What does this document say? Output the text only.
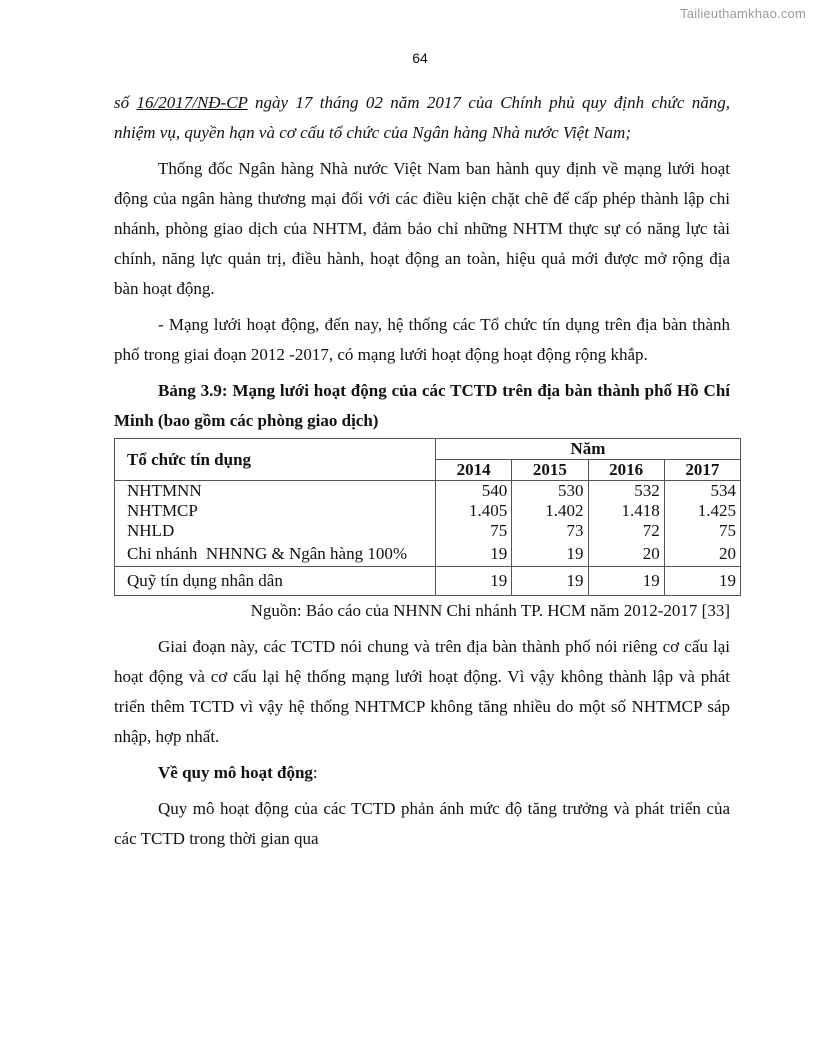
Tailieuthamkhao.com
64

số 16/2017/NĐ-CP ngày 17 tháng 02 năm 2017 của Chính phủ quy định chức năng, nhiệm vụ, quyền hạn và cơ cấu tổ chức của Ngân hàng Nhà nước Việt Nam;

Thống đốc Ngân hàng Nhà nước Việt Nam ban hành quy định về mạng lưới hoạt động của ngân hàng thương mại đối với các điều kiện chặt chẽ để cấp phép thành lập chi nhánh, phòng giao dịch của NHTM, đảm bảo chỉ những NHTM thực sự có năng lực tài chính, năng lực quản trị, điều hành, hoạt động an toàn, hiệu quả mới được mở rộng địa bàn hoạt động.

- Mạng lưới hoạt động, đến nay, hệ thống các Tổ chức tín dụng trên địa bàn thành phố trong giai đoạn 2012 -2017, có mạng lưới hoạt động hoạt động rộng khắp.

Bảng 3.9: Mạng lưới hoạt động của các TCTD trên địa bàn thành phố Hồ Chí Minh (bao gồm các phòng giao dịch)

Tổ chức tín dụng	Năm			
	2014	2015	2016	2017
NHTMNN	540	530	532	534
NHTMCP	1.405	1.402	1.418	1.425
NHLD	75	73	72	75
Chi nhánh  NHNNG & Ngân hàng 100%	19	19	20	20
Quỹ tín dụng nhân dân	19	19	19	19

Nguồn: Báo cáo của NHNN Chi nhánh TP. HCM năm 2012-2017 [33]

Giai đoạn này, các TCTD nói chung và trên địa bàn thành phố nói riêng cơ cấu lại hoạt động và cơ cấu lại hệ thống mạng lưới hoạt động. Vì vậy không thành lập và phát triển thêm TCTD vì vậy hệ thống NHTMCP không tăng nhiều do một số NHTMCP sáp nhập, hợp nhất.

Về quy mô hoạt động:

Quy mô hoạt động của các TCTD phản ánh mức độ tăng trưởng và phát triển của các TCTD trong thời gian qua
